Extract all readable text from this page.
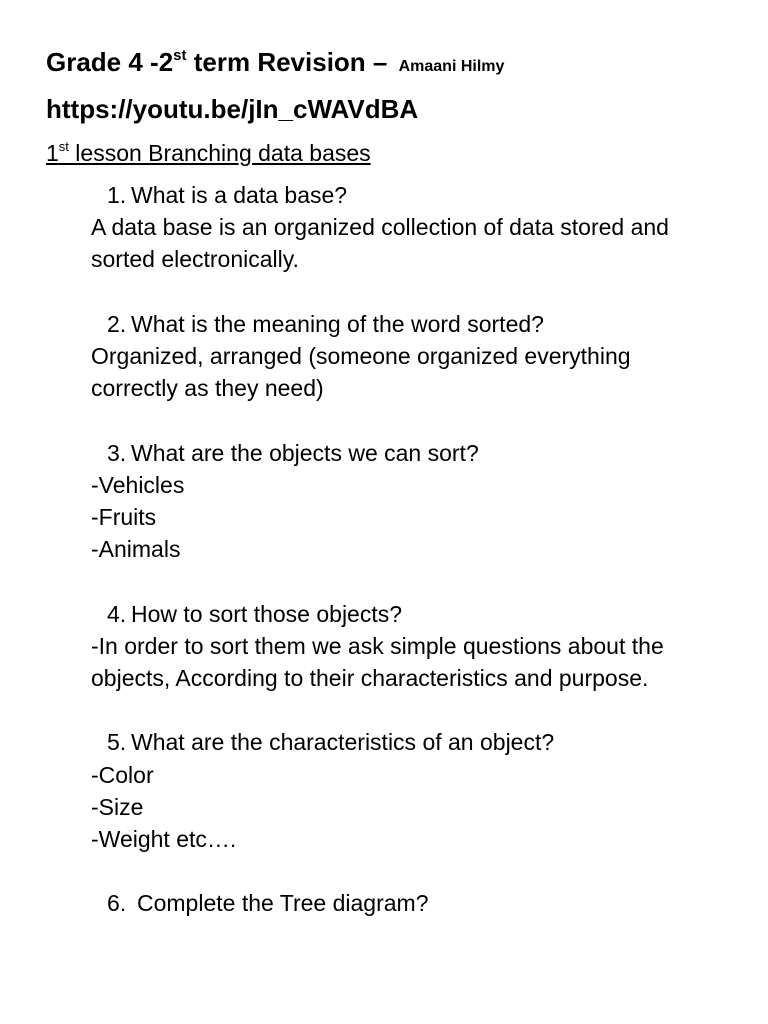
Grade 4 -2st term Revision – Amaani Hilmy
https://youtu.be/jIn_cWAVdBA
1st lesson Branching data bases
1. What is a data base?
A data base is an organized collection of data stored and
sorted electronically.
2. What is the meaning of the word sorted?
Organized, arranged (someone organized everything
correctly as they need)
3. What are the objects we can sort?
-Vehicles
-Fruits
-Animals
4. How to sort those objects?
-In order to sort them we ask simple questions about the
objects, According to their characteristics and purpose.
5. What are the characteristics of an object?
-Color
-Size
-Weight etc….
6. Complete the Tree diagram?
